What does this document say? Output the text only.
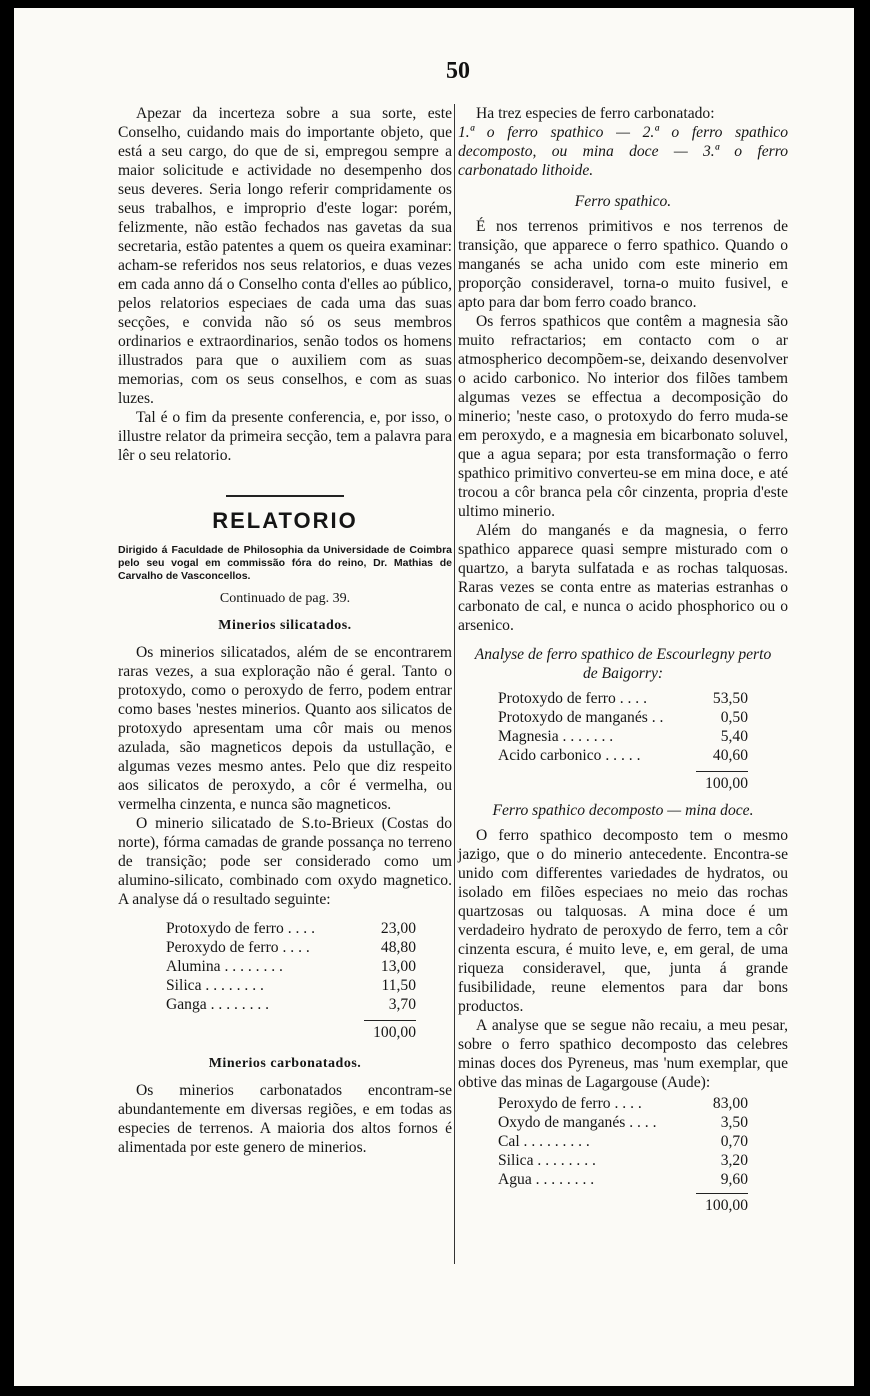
50

Apezar da incerteza sobre a sua sorte, este Conselho, cuidando mais do importante objeto, que está a seu cargo, do que de si, empregou sempre a maior solicitude e actividade no desempenho dos seus deveres. Seria longo referir compridamente os seus trabalhos, e improprio d'este logar: porém, felizmente, não estão fechados nas gavetas da sua secretaria, estão patentes a quem os queira examinar: acham-se referidos nos seus relatorios, e duas vezes em cada anno dá o Conselho conta d'elles ao público, pelos relatorios especiaes de cada uma das suas secções, e convida não só os seus membros ordinarios e extraordinarios, senão todos os homens illustrados para que o auxiliem com as suas memorias, com os seus conselhos, e com as suas luzes.

Tal é o fim da presente conferencia, e, por isso, o illustre relator da primeira secção, tem a palavra para lêr o seu relatorio.

RELATORIO

Dirigido á Faculdade de Philosophia da Universidade de Coimbra pelo seu vogal em commissão fóra do reino, Dr. Mathias de Carvalho de Vasconcellos.

Continuado de pag. 39.
Minerios silicatados.

Os minerios silicatados, além de se encontrarem raras vezes, a sua exploração não é geral. Tanto o protoxydo, como o peroxydo de ferro, podem entrar como bases 'nestes minerios. Quanto aos silicatos de protoxydo apresentam uma côr mais ou menos azulada, são magneticos depois da ustullação, e algumas vezes mesmo antes. Pelo que diz respeito aos silicatos de peroxydo, a côr é vermelha, ou vermelha cinzenta, e nunca são magneticos.

O minerio silicatado de S.to-Brieux (Costas do norte), fórma camadas de grande possança no terreno de transição; pode ser considerado como um alumino-silicato, combinado com oxydo magnetico. A analyse dá o resultado seguinte:

Protoxydo de ferro . . . .	23,00
Peroxydo de ferro . . . .	48,80
Alumina . . . . . . . .	13,00
Silica . . . . . . . .	11,50
Ganga . . . . . . . .	3,70
100,00
Minerios carbonatados.

Os minerios carbonatados encontram-se abundantemente em diversas regiões, e em todas as especies de terrenos. A maioria dos altos fornos é alimentada por este genero de minerios.

Ha trez especies de ferro carbonatado:

1.ª o ferro spathico — 2.ª o ferro spathico decomposto, ou mina doce — 3.ª o ferro carbonatado lithoide.

Ferro spathico.

É nos terrenos primitivos e nos terrenos de transição, que apparece o ferro spathico. Quando o manganés se acha unido com este minerio em proporção consideravel, torna-o muito fusivel, e apto para dar bom ferro coado branco.

Os ferros spathicos que contêm a magnesia são muito refractarios; em contacto com o ar atmospherico decompõem-se, deixando desenvolver o acido carbonico. No interior dos filões tambem algumas vezes se effectua a decomposição do minerio; 'neste caso, o protoxydo do ferro muda-se em peroxydo, e a magnesia em bicarbonato soluvel, que a agua separa; por esta transformação o ferro spathico primitivo converteu-se em mina doce, e até trocou a côr branca pela côr cinzenta, propria d'este ultimo minerio.

Além do manganés e da magnesia, o ferro spathico apparece quasi sempre misturado com o quartzo, a baryta sulfatada e as rochas talquosas. Raras vezes se conta entre as materias estranhas o carbonato de cal, e nunca o acido phosphorico ou o arsenico.

Analyse de ferro spathico de Escourlegny perto de Baigorry:
Protoxydo de ferro . . . .	53,50
Protoxydo de manganés . .	0,50
Magnesia . . . . . . .	5,40
Acido carbonico . . . . .	40,60
100,00
Ferro spathico decomposto — mina doce.

O ferro spathico decomposto tem o mesmo jazigo, que o do minerio antecedente. Encontra-se unido com differentes variedades de hydratos, ou isolado em filões especiaes no meio das rochas quartzosas ou talquosas. A mina doce é um verdadeiro hydrato de peroxydo de ferro, tem a côr cinzenta escura, é muito leve, e, em geral, de uma riqueza consideravel, que, junta á grande fusibilidade, reune elementos para dar bons productos.

A analyse que se segue não recaiu, a meu pesar, sobre o ferro spathico decomposto das celebres minas doces dos Pyreneus, mas 'num exemplar, que obtive das minas de Lagargouse (Aude):

Peroxydo de ferro . . . .	83,00
Oxydo de manganés . . . .	3,50
Cal . . . . . . . . .	0,70
Silica . . . . . . . .	3,20
Agua . . . . . . . .	9,60
100,00
